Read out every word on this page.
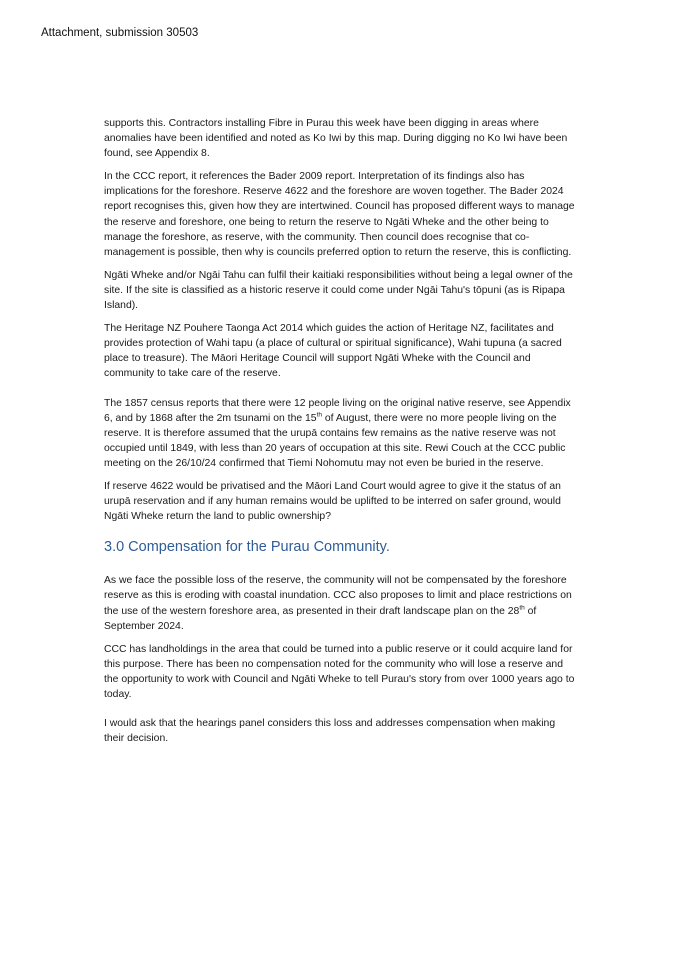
Attachment, submission 30503

supports this. Contractors installing Fibre in Purau this week have been digging in areas where anomalies have been identified and noted as Ko Iwi by this map. During digging no Ko Iwi have been found, see Appendix 8.

In the CCC report, it references the Bader 2009 report. Interpretation of its findings also has implications for the foreshore. Reserve 4622 and the foreshore are woven together. The Bader 2024 report recognises this, given how they are intertwined. Council has proposed different ways to manage the reserve and foreshore, one being to return the reserve to Ngāti Wheke and the other being to manage the foreshore, as reserve, with the community. Then council does recognise that co-management is possible, then why is councils preferred option to return the reserve, this is conflicting.

Ngāti Wheke and/or Ngāi Tahu can fulfil their kaitiaki responsibilities without being a legal owner of the site. If the site is classified as a historic reserve it could come under Ngāi Tahu's tōpuni (as is Ripapa Island).

The Heritage NZ Pouhere Taonga Act 2014 which guides the action of Heritage NZ, facilitates and provides protection of Wahi tapu (a place of cultural or spiritual significance), Wahi tupuna (a sacred place to treasure). The Māori Heritage Council will support Ngāti Wheke with the Council and community to take care of the reserve.

The 1857 census reports that there were 12 people living on the original native reserve, see Appendix 6, and by 1868 after the 2m tsunami on the 15th of August, there were no more people living on the reserve. It is therefore assumed that the urupā contains few remains as the native reserve was not occupied until 1849, with less than 20 years of occupation at this site. Rewi Couch at the CCC public meeting on the 26/10/24 confirmed that Tiemi Nohomutu may not even be buried in the reserve.

If reserve 4622 would be privatised and the Māori Land Court would agree to give it the status of an urupā reservation and if any human remains would be uplifted to be interred on safer ground, would Ngāti Wheke return the land to public ownership?

3.0 Compensation for the Purau Community.

As we face the possible loss of the reserve, the community will not be compensated by the foreshore reserve as this is eroding with coastal inundation. CCC also proposes to limit and place restrictions on the use of the western foreshore area, as presented in their draft landscape plan on the 28th of September 2024.

CCC has landholdings in the area that could be turned into a public reserve or it could acquire land for this purpose. There has been no compensation noted for the community who will lose a reserve and the opportunity to work with Council and Ngāti Wheke to tell Purau's story from over 1000 years ago to today.

I would ask that the hearings panel considers this loss and addresses compensation when making their decision.
